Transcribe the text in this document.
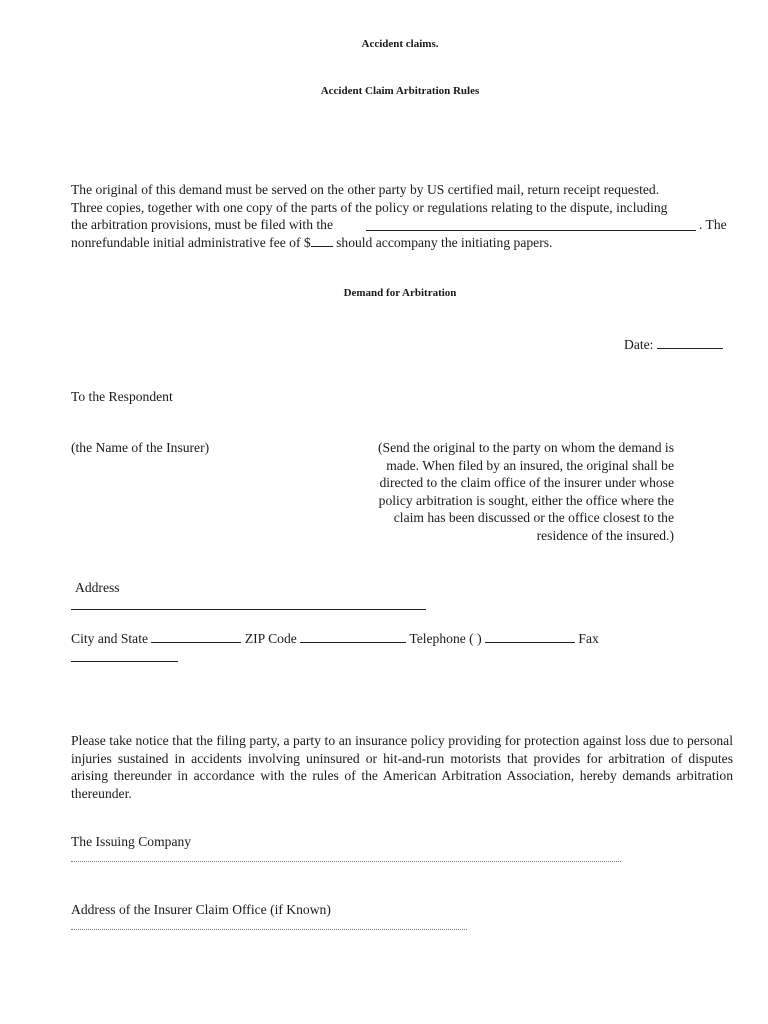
Accident claims.
Accident Claim Arbitration Rules
The original of this demand must be served on the other party by US certified mail, return receipt requested.
Three copies, together with one copy of the parts of the policy or regulations relating to the dispute, including
the arbitration provisions, must be filed with the	. The
nonrefundable initial administrative fee of $ should accompany the initiating papers.
Demand for Arbitration
Date:
To the Respondent
(the Name of the Insurer)	(Send the original to the party on whom the demand is made. When filed by an insured, the original shall be directed to the claim office of the insurer under whose policy arbitration is sought, either the office where the claim has been discussed or the office closest to the residence of the insured.)
Address
City and State	ZIP Code	Telephone ( )	Fax
Please take notice that the filing party, a party to an insurance policy providing for protection against loss due to personal injuries sustained in accidents involving uninsured or hit-and-run motorists that provides for arbitration of disputes arising thereunder in accordance with the rules of the American Arbitration Association, hereby demands arbitration thereunder.
The Issuing Company
Address of the Insurer Claim Office (if Known)
